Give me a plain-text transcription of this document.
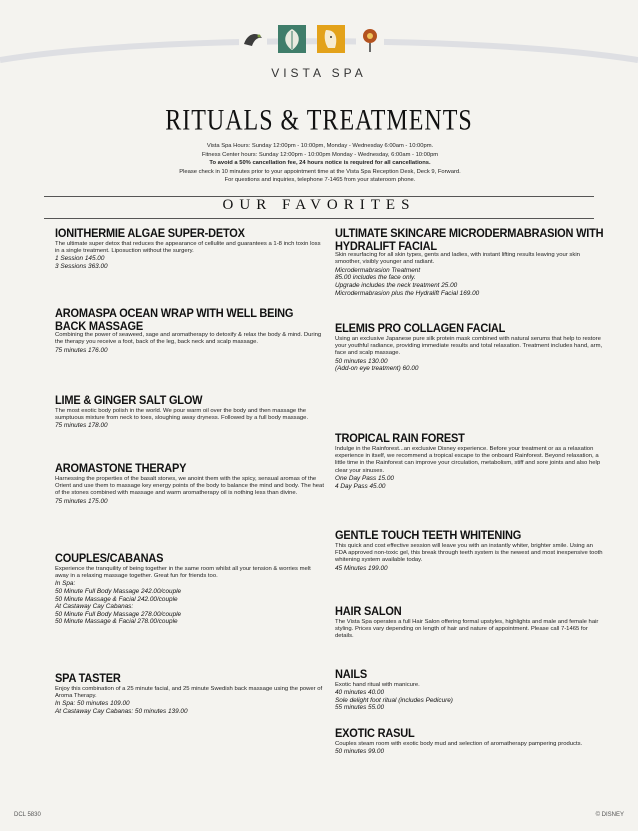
VISTA SPA
RITUALS & TREATMENTS
Vista Spa Hours: Sunday 12:00pm - 10:00pm, Monday - Wednesday 6:00am - 10:00pm.
Fitness Center hours: Sunday 12:00pm - 10:00pm Monday - Wednesday, 6:00am - 10:00pm
To avoid a 50% cancellation fee, 24 hours notice is required for all cancellations.
Please check in 10 minutes prior to your appointment time at the Vista Spa Reception Desk, Deck 9, Forward.
For questions and inquiries, telephone 7-1465 from your stateroom phone.
OUR FAVORITES
IONITHERMIE ALGAE SUPER-DETOX

The ultimate super detox that reduces the appearance of cellulite and guarantees a 1-8 inch toxin loss in a single treatment. Liposuction without the surgery.

1 Session 145.00
3 Sessions 363.00
AROMASPA OCEAN WRAP WITH WELL BEING BACK MASSAGE

Combining the power of seaweed, sage and aromatherapy to detoxify & relax the body & mind. During the therapy you receive a foot, back of the leg, back neck and scalp massage.

75 minutes 176.00
LIME & GINGER SALT GLOW

The most exotic body polish in the world. We pour warm oil over the body and then massage the sumptuous mixture from neck to toes, sloughing away dryness. Followed by a full body massage.

75 minutes 178.00
AROMASTONE THERAPY

Harnessing the properties of the basalt stones, we anoint them with the spicy, sensual aromas of the Orient and use them to massage key energy points of the body to balance the mind and body. The heat of the stones combined with massage and warm aromatherapy oil is nothing less than divine.

75 minutes 175.00
COUPLES/CABANAS

Experience the tranquility of being together in the same room whilst all your tension & worries melt away in a relaxing massage together. Great fun for friends too.

In Spa:
50 Minute Full Body Massage 242.00/couple
50 Minute Massage & Facial 242.00/couple
At Castaway Cay Cabanas:
50 Minute Full Body Massage 278.00/couple
50 Minute Massage & Facial 278.00/couple
SPA TASTER

Enjoy this combination of a 25 minute facial, and 25 minute Swedish back massage using the power of Aroma Therapy.

In Spa: 50 minutes 109.00
At Castaway Cay Cabanas: 50 minutes 139.00
ULTIMATE SKINCARE MICRODERMABRASION WITH HYDRALIFT FACIAL

Skin resurfacing for all skin types, gents and ladies, with instant lifting results leaving your skin smoother, visibly younger and radiant.

Microdermabrasion Treatment
85.00 includes the face only.
Upgrade includes the neck treatment 25.00
Microdermabrasion plus the Hydralift Facial 169.00
ELEMIS PRO COLLAGEN FACIAL

Using an exclusive Japanese pure silk protein mask combined with natural serums that help to restore your youthful radiance, providing immediate results and total relaxation. Treatment includes hand, arm, face and scalp massage.

50 minutes 130.00
(Add-on eye treatment) 60.00
TROPICAL RAIN FOREST

Indulge in the Rainforest...an exclusive Disney experience. Before your treatment or as a relaxation experience in itself, we recommend a tropical escape to the onboard Rainforest. Beyond relaxation, a little time in the Rainforest can improve your circulation, metabolism, stiff and sore joints and also help clear your sinuses.

One Day Pass 15.00
4 Day Pass 45.00
GENTLE TOUCH TEETH WHITENING

This quick and cost effective session will leave you with an instantly whiter, brighter smile. Using an FDA approved non-toxic gel, this break through teeth system is the newest and most inexpensive tooth whitening system available today.

45 Minutes 199.00
HAIR SALON

The Vista Spa operates a full Hair Salon offering formal upstyles, highlights and male and female hair styling. Prices vary depending on length of hair and nature of appointment. Please call 7-1465 for details.

NAILS

Exotic hand ritual with manicure.

40 minutes 40.00
Sole delight foot ritual (includes Pedicure)
55 minutes 55.00
EXOTIC RASUL

Couples steam room with exotic body mud and selection of aromatherapy pampering products.

50 minutes 99.00
DCL 5830	© DISNEY
